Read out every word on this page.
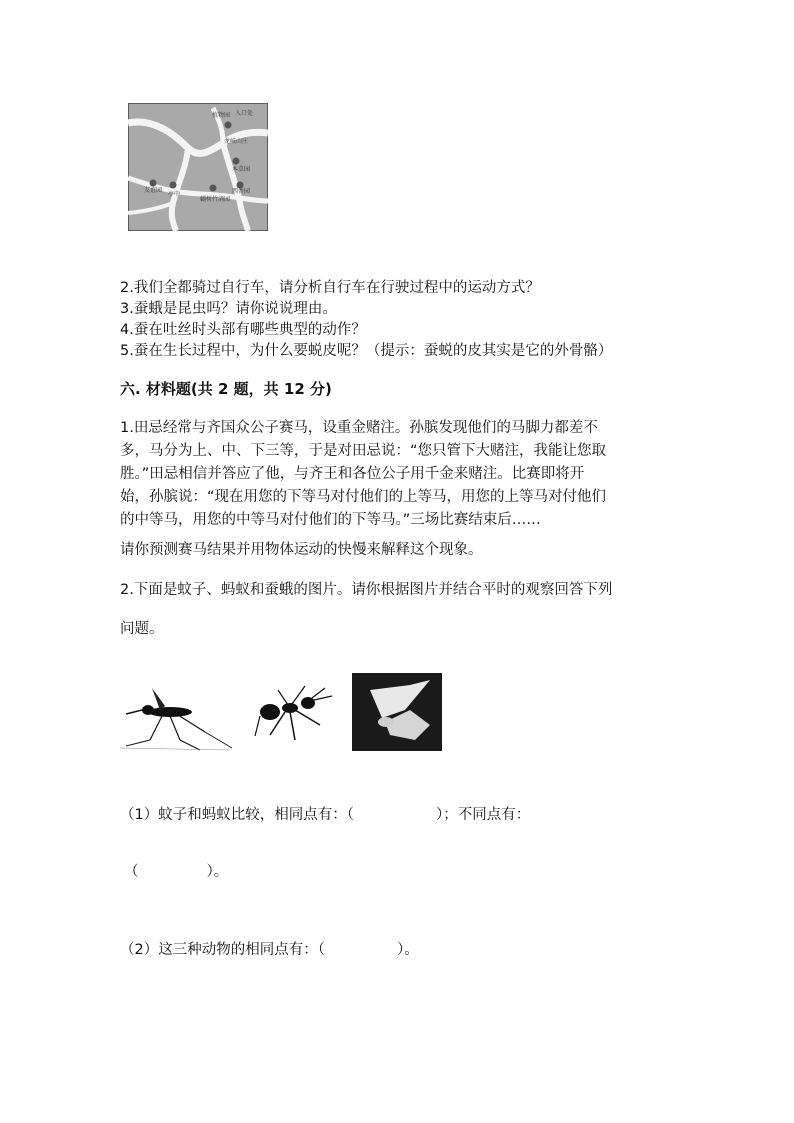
植物园 入口处
龙岐山庄
本草园
西香园
蝴树竹酒园
友谊园
亭中
2.我们全都骑过自行车，请分析自行车在行驶过程中的运动方式？
3.蚕蛾是昆虫吗？请你说说理由。
4.蚕在吐丝时头部有哪些典型的动作？
5.蚕在生长过程中，为什么要蜕皮呢？（提示：蚕蜕的皮其实是它的外骨骼）
六. 材料题(共 2 题，共 12 分)
1.田忌经常与齐国众公子赛马，设重金赌注。孙膑发现他们的马脚力都差不
多，马分为上、中、下三等，于是对田忌说：“您只管下大赌注，我能让您取
胜。”田忌相信并答应了他，与齐王和各位公子用千金来赌注。比赛即将开
始，孙膑说：“现在用您的下等马对付他们的上等马，用您的上等马对付他们
的中等马，用您的中等马对付他们的下等马。”三场比赛结束后……
请你预测赛马结果并用物体运动的快慢来解释这个现象。
2.下面是蚊子、蚂蚁和蚕蛾的图片。请你根据图片并结合平时的观察回答下列
问题。
（1）蚊子和蚂蚁比较，相同点有：（	）；不同点有：
（	）。
（2）这三种动物的相同点有：（	）。
